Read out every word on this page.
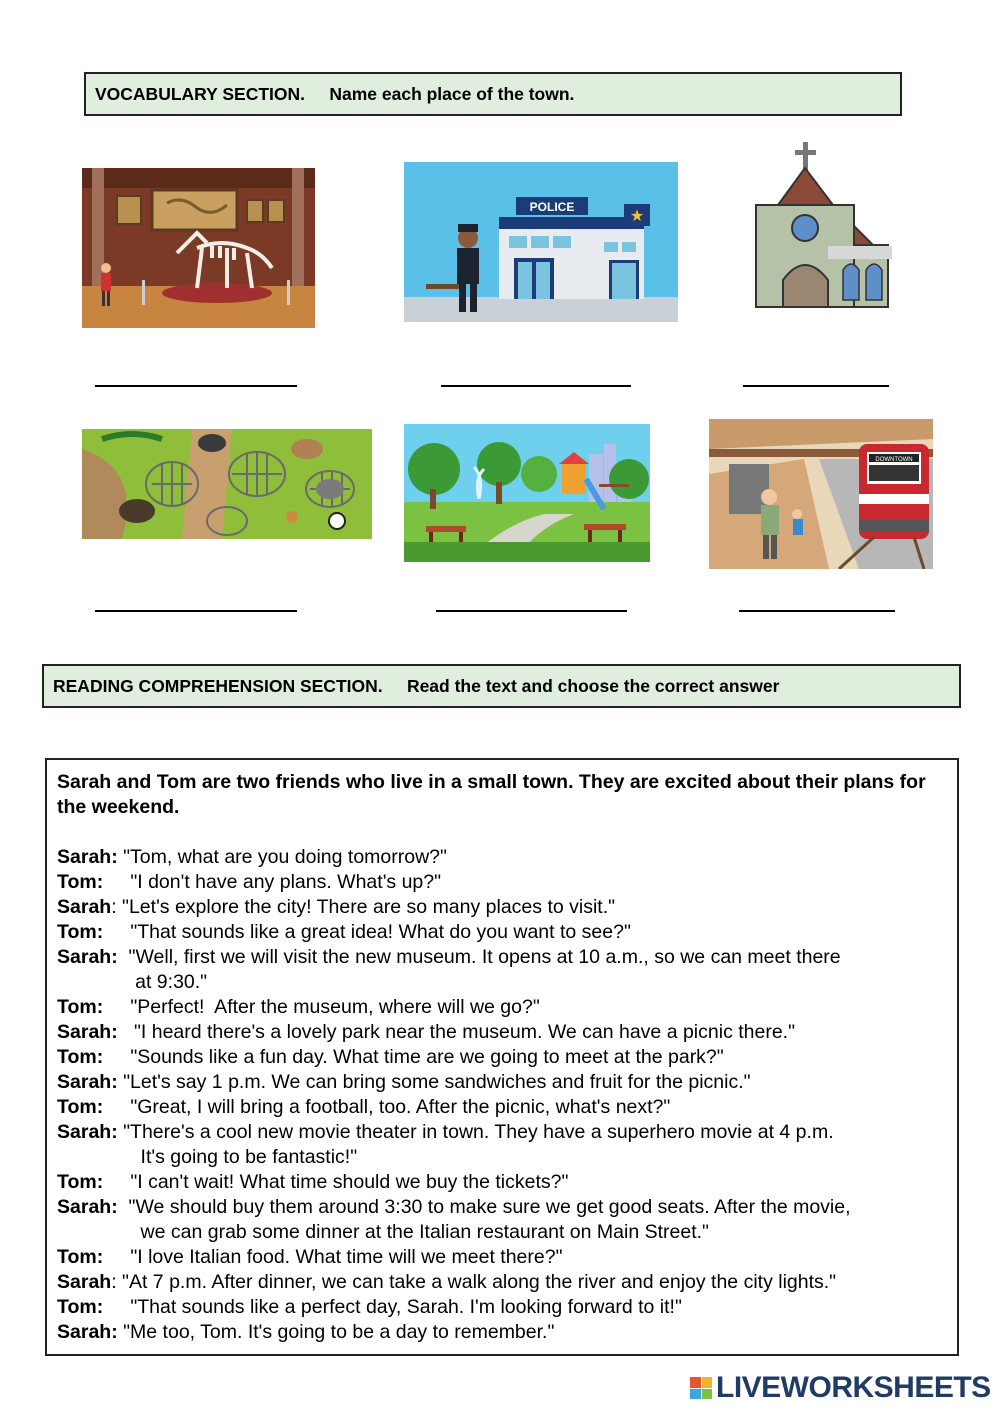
VOCABULARY SECTION.
Name each place of the town.
POLICE	★
DOWNTOWN
READING COMPREHENSION SECTION.
Read the text and choose the correct answer

Sarah and Tom are two friends who live in a small town. They are excited about their plans for the weekend.

Sarah: "Tom, what are you doing tomorrow?"
Tom: "I don't have any plans. What's up?"
Sarah : "Let's explore the city! There are so many places to visit."
Tom: "That sounds like a great idea! What do you want to see?"
Sarah: "Well, first we will visit the new museum. It opens at 10 a.m., so we can meet there
at 9:30."
Tom: "Perfect!  After the museum, where will we go?"
Sarah: "I heard there's a lovely park near the museum. We can have a picnic there."
Tom: "Sounds like a fun day. What time are we going to meet at the park?"
Sarah: "Let's say 1 p.m. We can bring some sandwiches and fruit for the picnic."
Tom: "Great, I will bring a football, too. After the picnic, what's next?"
Sarah: "There's a cool new movie theater in town. They have a superhero movie at 4 p.m.
It's going to be fantastic!"
Tom: "I can't wait! What time should we buy the tickets?"
Sarah: "We should buy them around 3:30 to make sure we get good seats. After the movie,
we can grab some dinner at the Italian restaurant on Main Street."
Tom: "I love Italian food. What time will we meet there?"
Sarah : "At 7 p.m. After dinner, we can take a walk along the river and enjoy the city lights."
Tom: "That sounds like a perfect day, Sarah. I'm looking forward to it!"
Sarah: "Me too, Tom. It's going to be a day to remember."
LIVEWORKSHEETS
